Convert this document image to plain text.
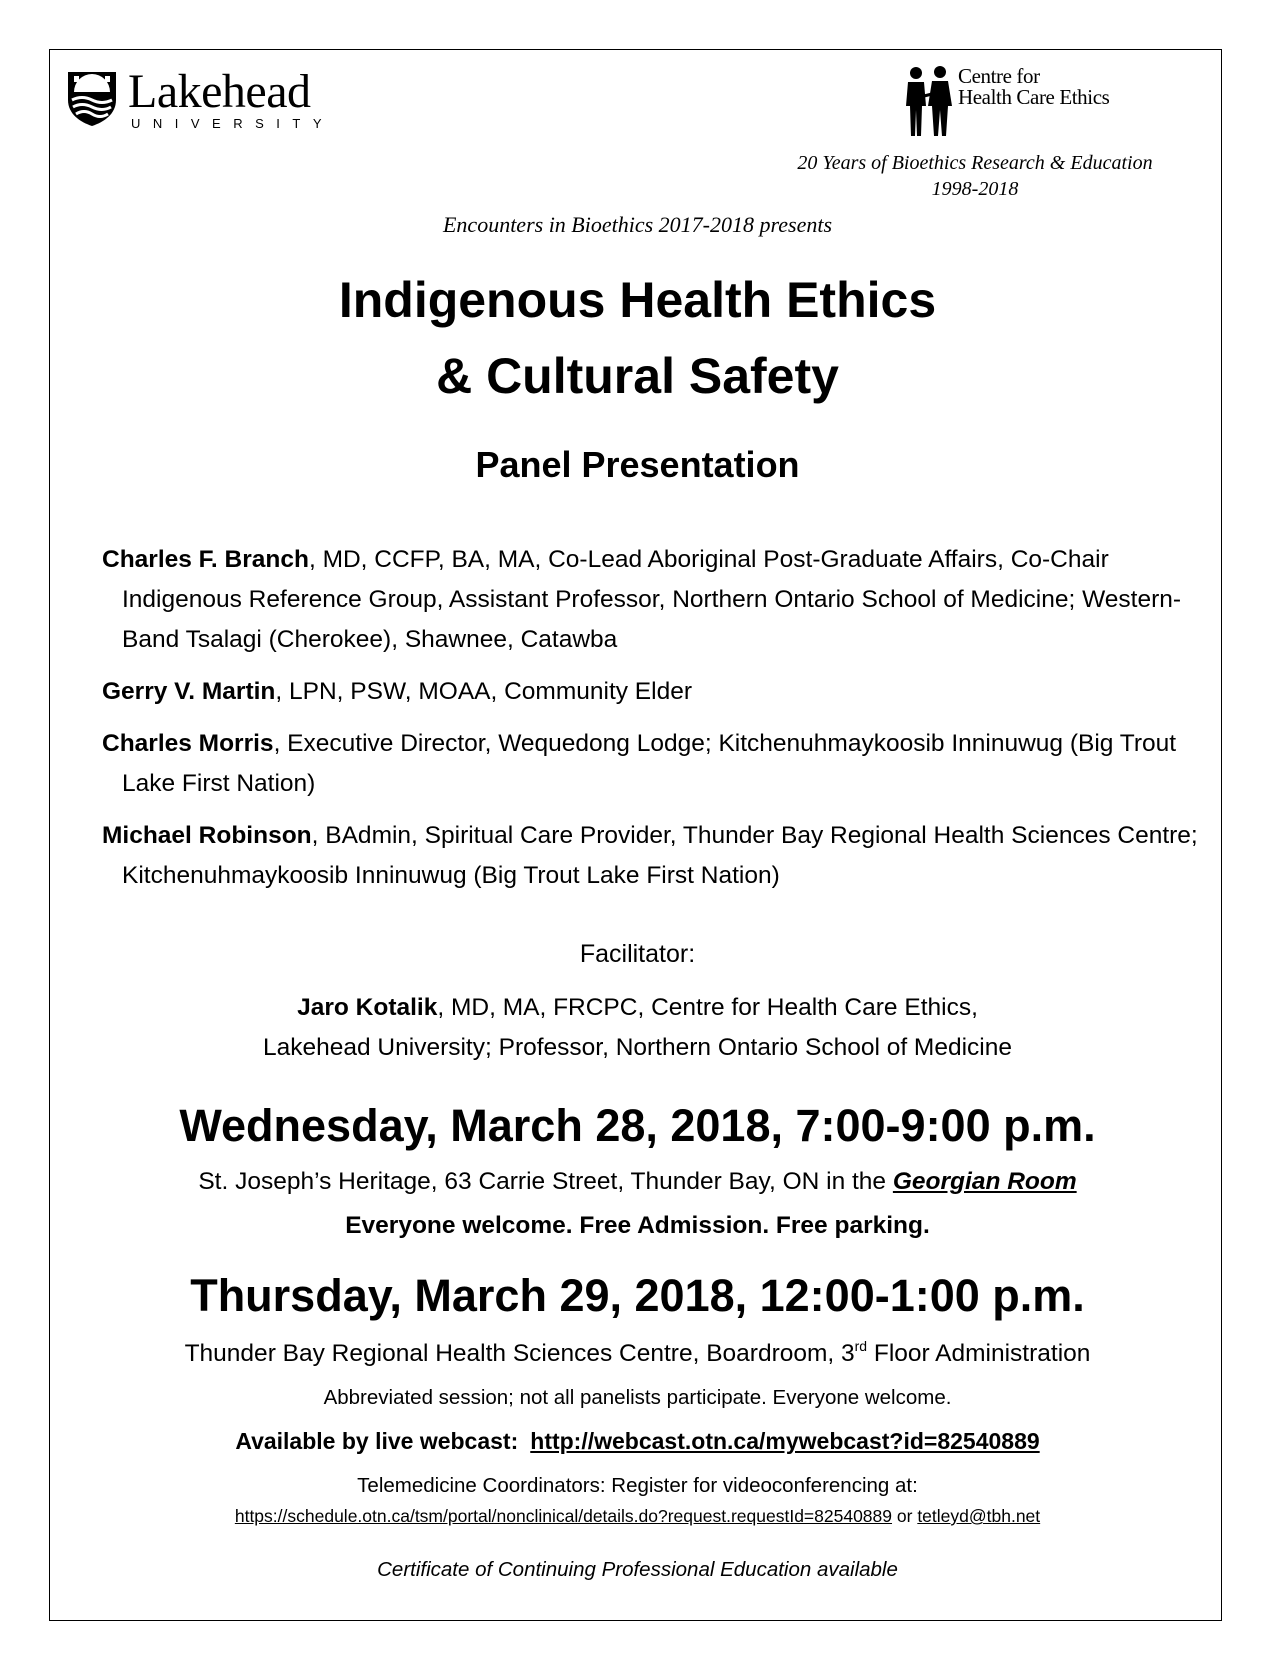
Lakehead
UNIVERSITY
Centre for
Health Care Ethics
20 Years of Bioethics Research & Education
1998-2018
Encounters in Bioethics 2017-2018 presents
Indigenous Health Ethics
& Cultural Safety
Panel Presentation
Charles F. Branch, MD, CCFP, BA, MA, Co-Lead Aboriginal Post-Graduate Affairs, Co-Chair Indigenous Reference Group, Assistant Professor, Northern Ontario School of Medicine; Western-Band Tsalagi (Cherokee), Shawnee, Catawba
Gerry V. Martin, LPN, PSW, MOAA, Community Elder
Charles Morris, Executive Director, Wequedong Lodge; Kitchenuhmaykoosib Inninuwug (Big Trout Lake First Nation)
Michael Robinson, BAdmin, Spiritual Care Provider, Thunder Bay Regional Health Sciences Centre; Kitchenuhmaykoosib Inninuwug (Big Trout Lake First Nation)
Facilitator:
Jaro Kotalik, MD, MA, FRCPC, Centre for Health Care Ethics,
Lakehead University; Professor, Northern Ontario School of Medicine
Wednesday, March 28, 2018, 7:00-9:00 p.m.
St. Joseph’s Heritage, 63 Carrie Street, Thunder Bay, ON in the Georgian Room
Everyone welcome. Free Admission. Free parking.
Thursday, March 29, 2018, 12:00-1:00 p.m.
Thunder Bay Regional Health Sciences Centre, Boardroom, 3rd Floor Administration
Abbreviated session; not all panelists participate. Everyone welcome.
Available by live webcast: http://webcast.otn.ca/mywebcast?id=82540889
Telemedicine Coordinators: Register for videoconferencing at:
https://schedule.otn.ca/tsm/portal/nonclinical/details.do?request.requestId=82540889 or tetleyd@tbh.net
Certificate of Continuing Professional Education available
